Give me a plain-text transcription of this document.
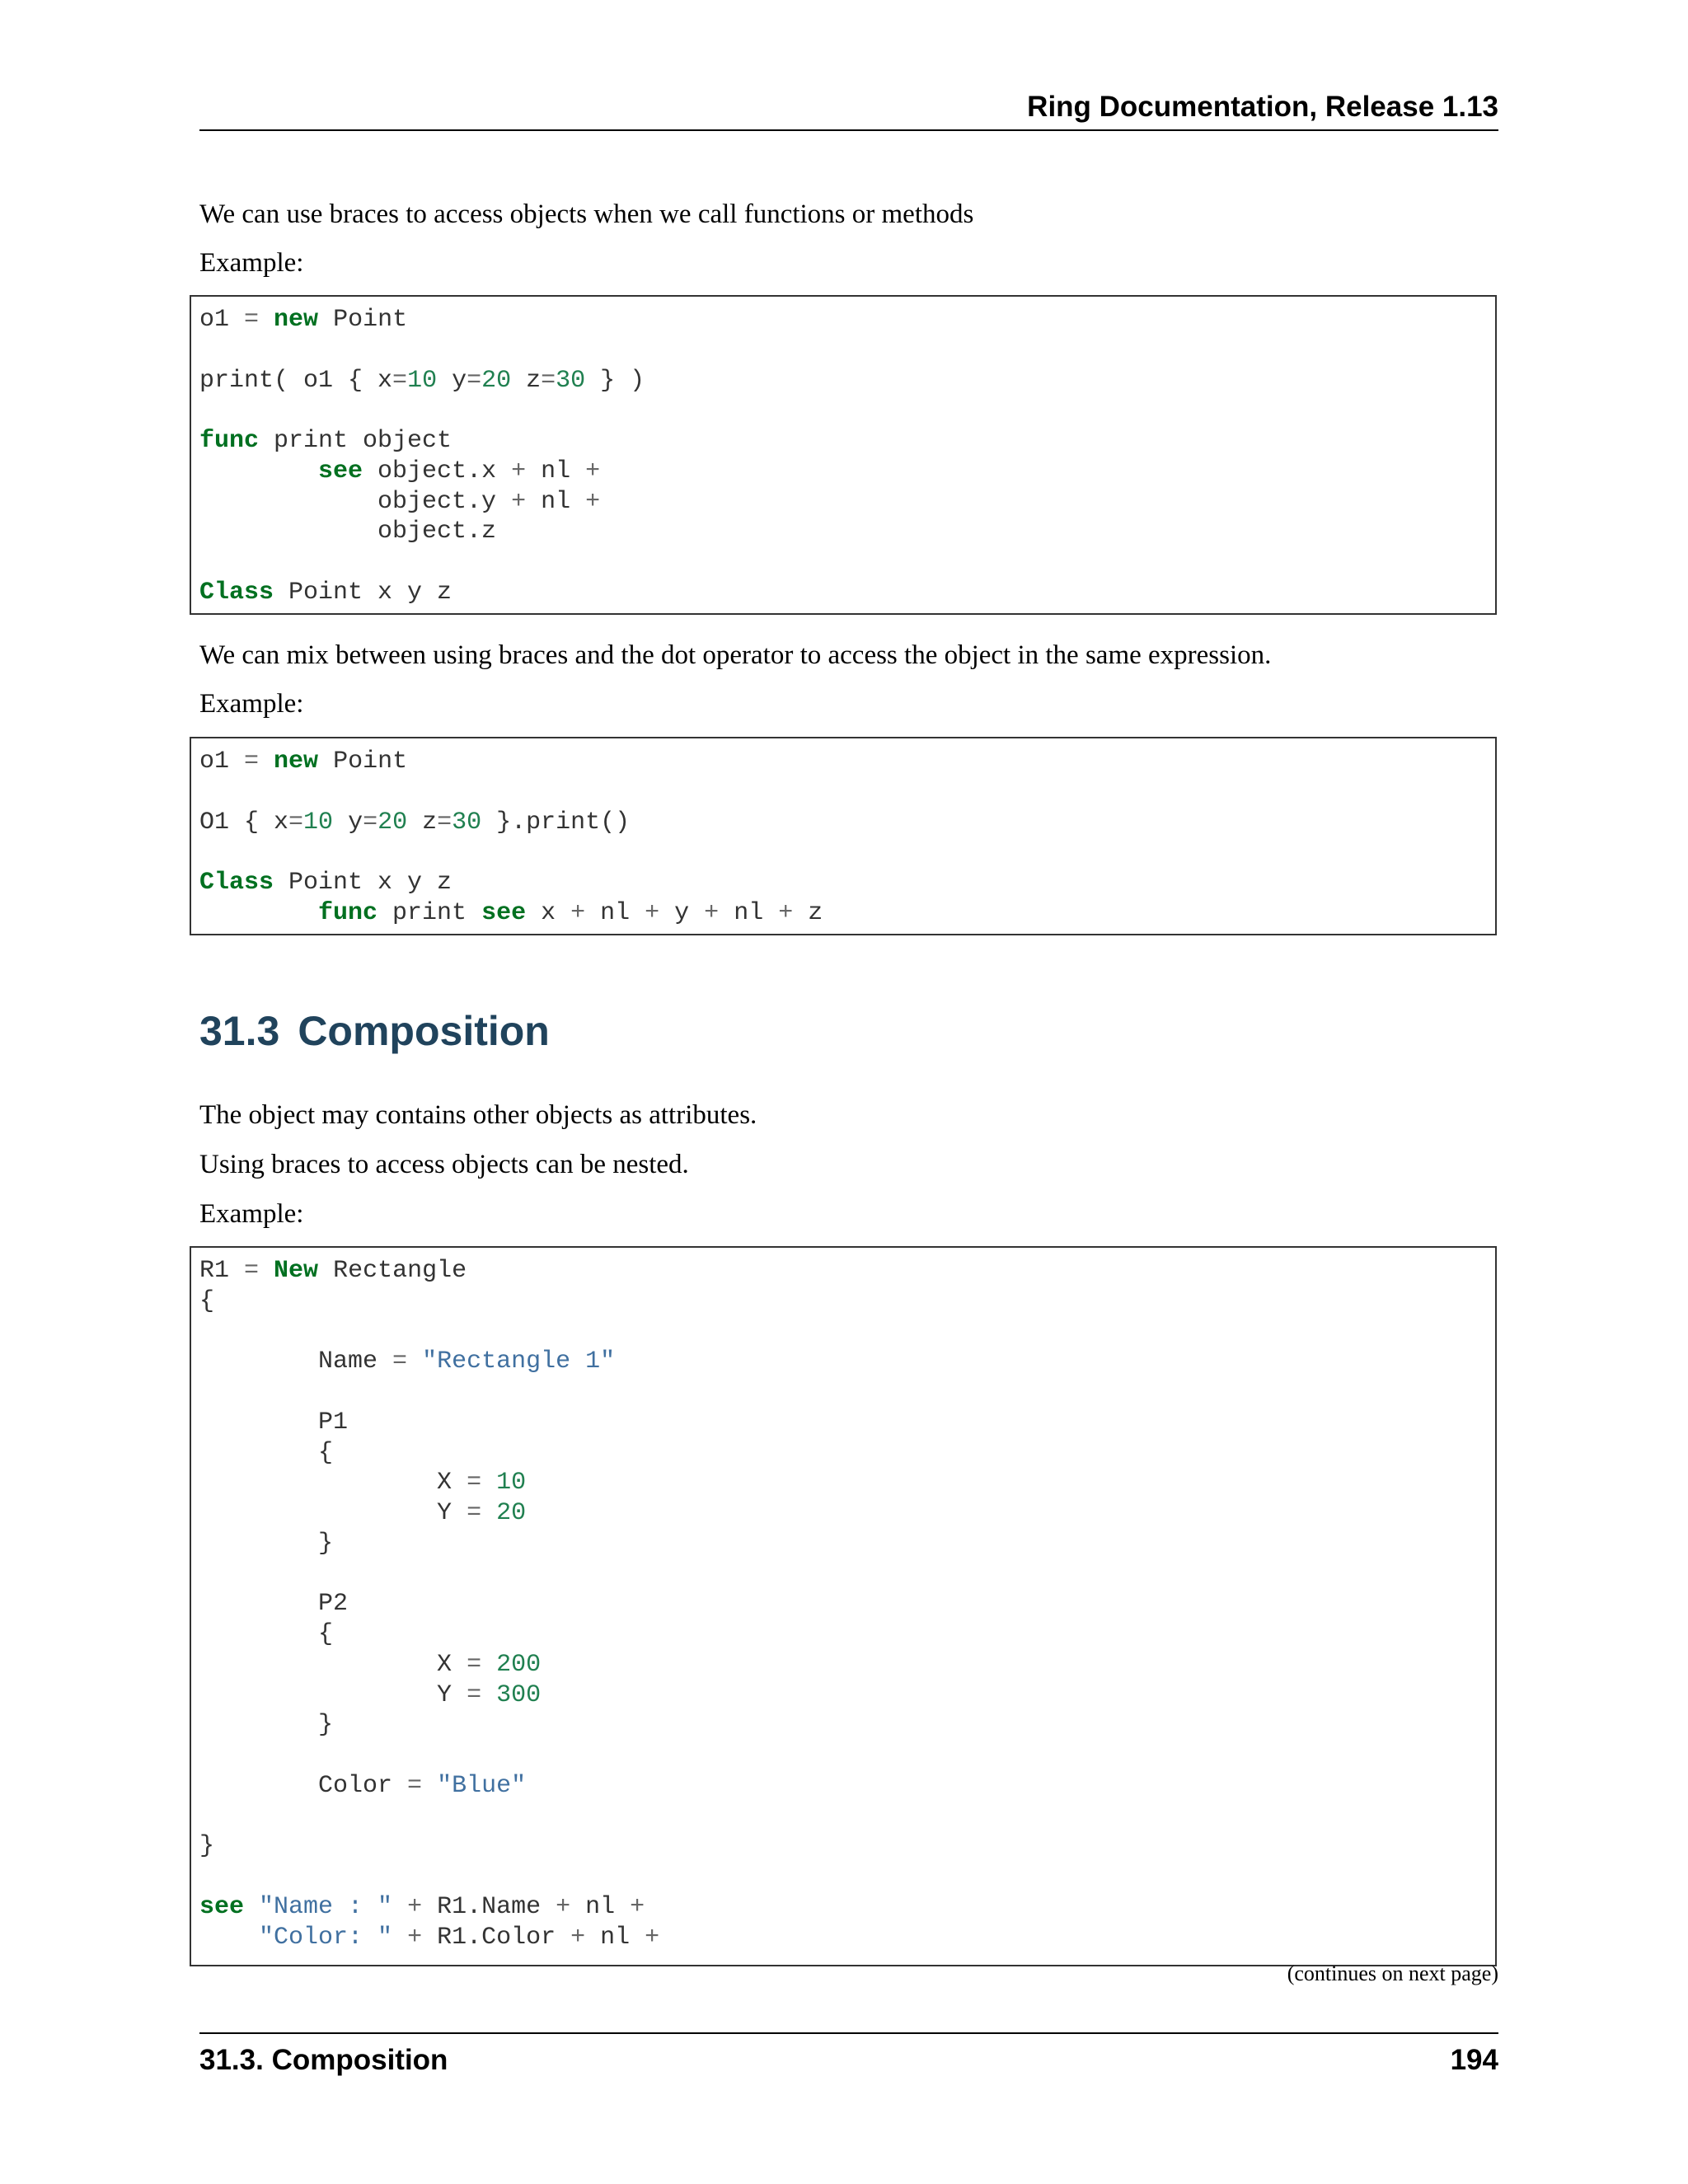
Ring Documentation, Release 1.13
We can use braces to access objects when we call functions or methods
Example:
o1 = new Point

print( o1 { x=10 y=20 z=30 } )

func print object
see object.x + nl +
object.y + nl +
object.z

Class Point x y z
We can mix between using braces and the dot operator to access the object in the same expression.
Example:
o1 = new Point

O1 { x=10 y=20 z=30 }.print()

Class Point x y z
func print see x + nl + y + nl + z
31.3 Composition
The object may contains other objects as attributes.
Using braces to access objects can be nested.
Example:
R1 = New Rectangle
{

Name = "Rectangle 1"

P1
{
X = 10
Y = 20
}

P2
{
X = 200
Y = 300
}

Color = "Blue"

}

see "Name : " + R1.Name + nl +
"Color: " + R1.Color + nl +
(continues on next page)
31.3. Composition	194
